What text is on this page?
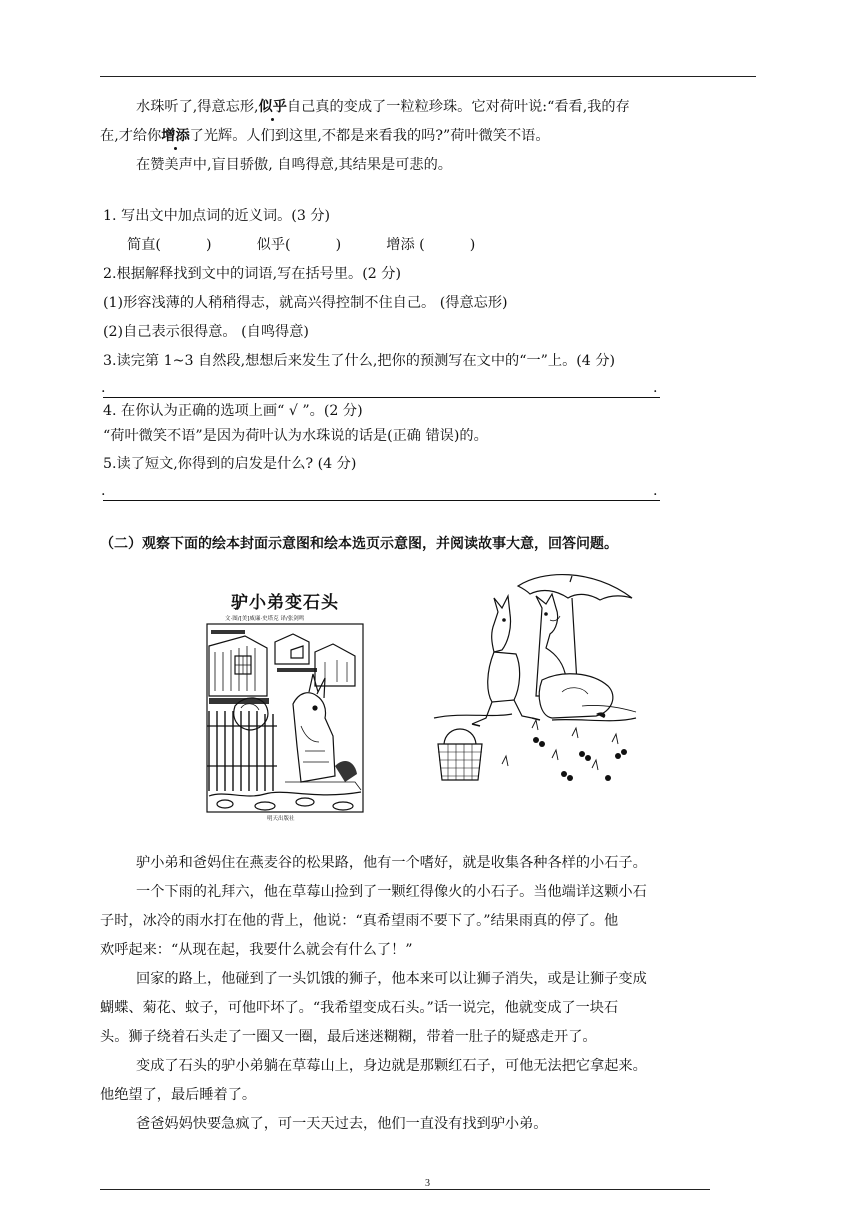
水珠听了,得意忘形,似乎自己真的变成了一粒粒珍珠。它对荷叶说:“看看,我的存
在,才给你增添了光辉。人们到这里,不都是来看我的吗?”荷叶微笑不语。
在赞美声中,盲目骄傲, 自鸣得意,其结果是可悲的。
1. 写出文中加点词的近义词。(3 分)
简直(          )          似乎(          )          增添 (          )
2.根据解释找到文中的词语,写在括号里。(2 分)
(1)形容浅薄的人稍稍得志，就高兴得控制不住自己。 (得意忘形)
(2)自己表示很得意。 (自鸣得意)
3.读完第 1~3 自然段,想想后来发生了什么,把你的预测写在文中的“一”上。(4 分)
.	.
4. 在你认为正确的选项上画“ √ ”。(2 分)
“荷叶微笑不语”是因为荷叶认为水珠说的话是(正确 错误)的。
5.读了短文,你得到的启发是什么? (4 分)
.	.
（二）观察下面的绘本封面示意图和绘本选页示意图，并阅读故事大意，回答问题。
驴小弟变石头
文·图/[美]威廉·史塔克 译/张剑鸣
明天出版社
驴小弟和爸妈住在燕麦谷的松果路，他有一个嗜好，就是收集各种各样的小石子。
一个下雨的礼拜六，他在草莓山捡到了一颗红得像火的小石子。当他端详这颗小石
子时，冰冷的雨水打在他的背上，他说：“真希望雨不要下了。”结果雨真的停了。他
欢呼起来：“从现在起，我要什么就会有什么了！”
回家的路上，他碰到了一头饥饿的狮子，他本来可以让狮子消失，或是让狮子变成
蝴蝶、菊花、蚊子，可他吓坏了。“我希望变成石头。”话一说完，他就变成了一块石
头。狮子绕着石头走了一圈又一圈，最后迷迷糊糊，带着一肚子的疑惑走开了。
变成了石头的驴小弟躺在草莓山上，身边就是那颗红石子，可他无法把它拿起来。
他绝望了，最后睡着了。
爸爸妈妈快要急疯了，可一天天过去，他们一直没有找到驴小弟。
3
